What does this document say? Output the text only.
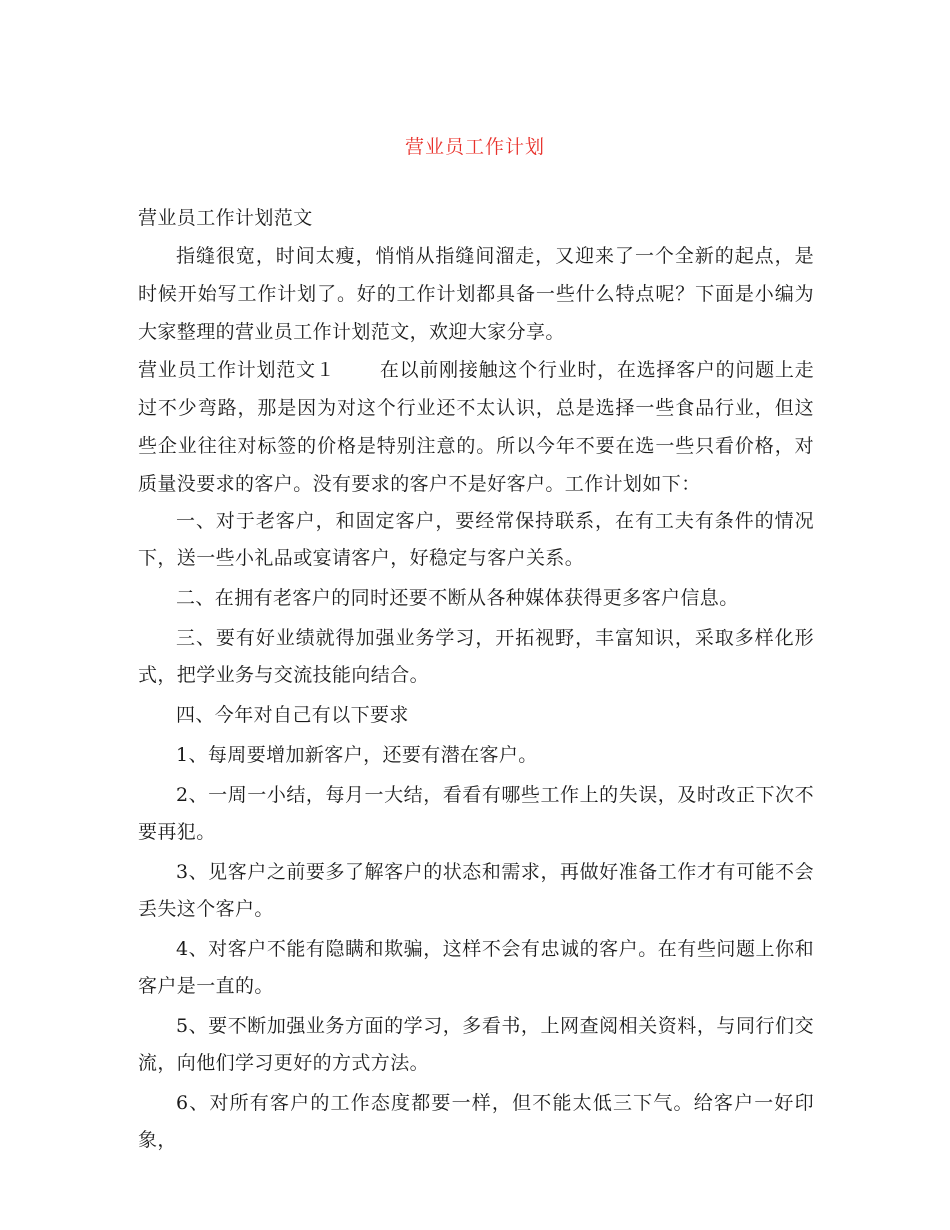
营业员工作计划

营业员工作计划范文

指缝很宽，时间太瘦，悄悄从指缝间溜走，又迎来了一个全新的起点，是时候开始写工作计划了。好的工作计划都具备一些什么特点呢？下面是小编为大家整理的营业员工作计划范文，欢迎大家分享。

营业员工作计划范文１ 在以前刚接触这个行业时，在选择客户的问题上走过不少弯路，那是因为对这个行业还不太认识，总是选择一些食品行业，但这些企业往往对标签的价格是特别注意的。所以今年不要在选一些只看价格，对质量没要求的客户。没有要求的客户不是好客户。工作计划如下：

一、对于老客户，和固定客户，要经常保持联系，在有工夫有条件的情况下，送一些小礼品或宴请客户，好稳定与客户关系。

二、在拥有老客户的同时还要不断从各种媒体获得更多客户信息。

三、要有好业绩就得加强业务学习，开拓视野，丰富知识，采取多样化形式，把学业务与交流技能向结合。

四、今年对自己有以下要求

1、每周要增加新客户，还要有潜在客户。

2、一周一小结，每月一大结，看看有哪些工作上的失误，及时改正下次不要再犯。

3、见客户之前要多了解客户的状态和需求，再做好准备工作才有可能不会丢失这个客户。

4、对客户不能有隐瞒和欺骗，这样不会有忠诚的客户。在有些问题上你和客户是一直的。

5、要不断加强业务方面的学习，多看书，上网查阅相关资料，与同行们交流，向他们学习更好的方式方法。

6、对所有客户的工作态度都要一样，但不能太低三下气。给客户一好印象，
